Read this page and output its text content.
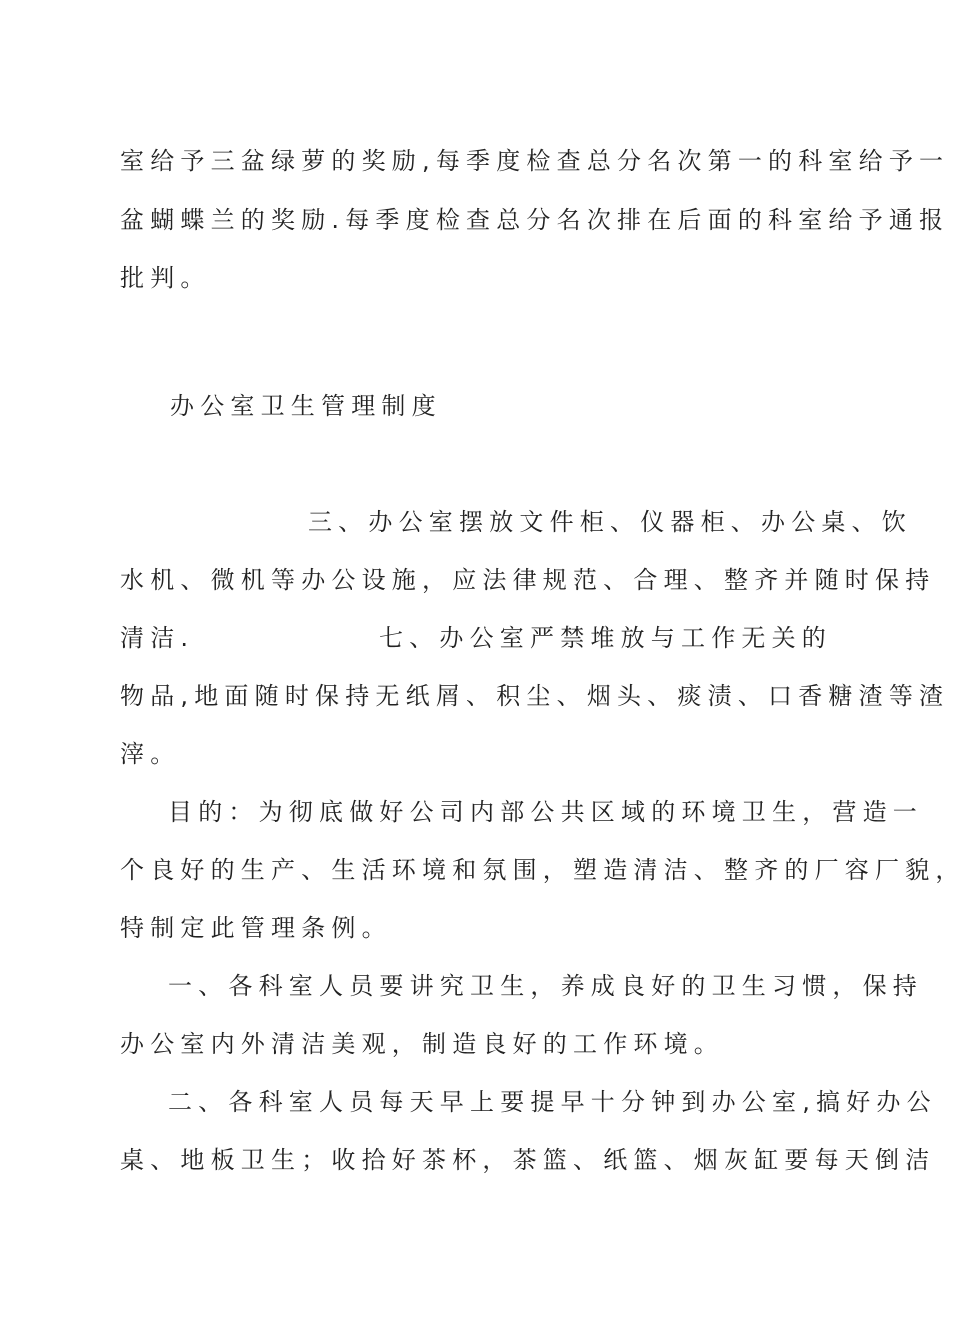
室给予三盆绿萝的奖励,每季度检查总分名次第一的科室给予一
盆蝴蝶兰的奖励.每季度检查总分名次排在后面的科室给予通报
批判。
办公室卫生管理制度
三、办公室摆放文件柜、仪器柜、办公桌、饮
水机、微机等办公设施，应法律规范、合理、整齐并随时保持
清洁.	七、办公室严禁堆放与工作无关的
物品,地面随时保持无纸屑、积尘、烟头、痰渍、口香糖渣等渣
滓。
目的：为彻底做好公司内部公共区域的环境卫生，营造一
个良好的生产、生活环境和氛围，塑造清洁、整齐的厂容厂貌，
特制定此管理条例。
一、各科室人员要讲究卫生，养成良好的卫生习惯，保持
办公室内外清洁美观，制造良好的工作环境。
二、各科室人员每天早上要提早十分钟到办公室,搞好办公
桌、地板卫生；收拾好茶杯，茶篮、纸篮、烟灰缸要每天倒洁
